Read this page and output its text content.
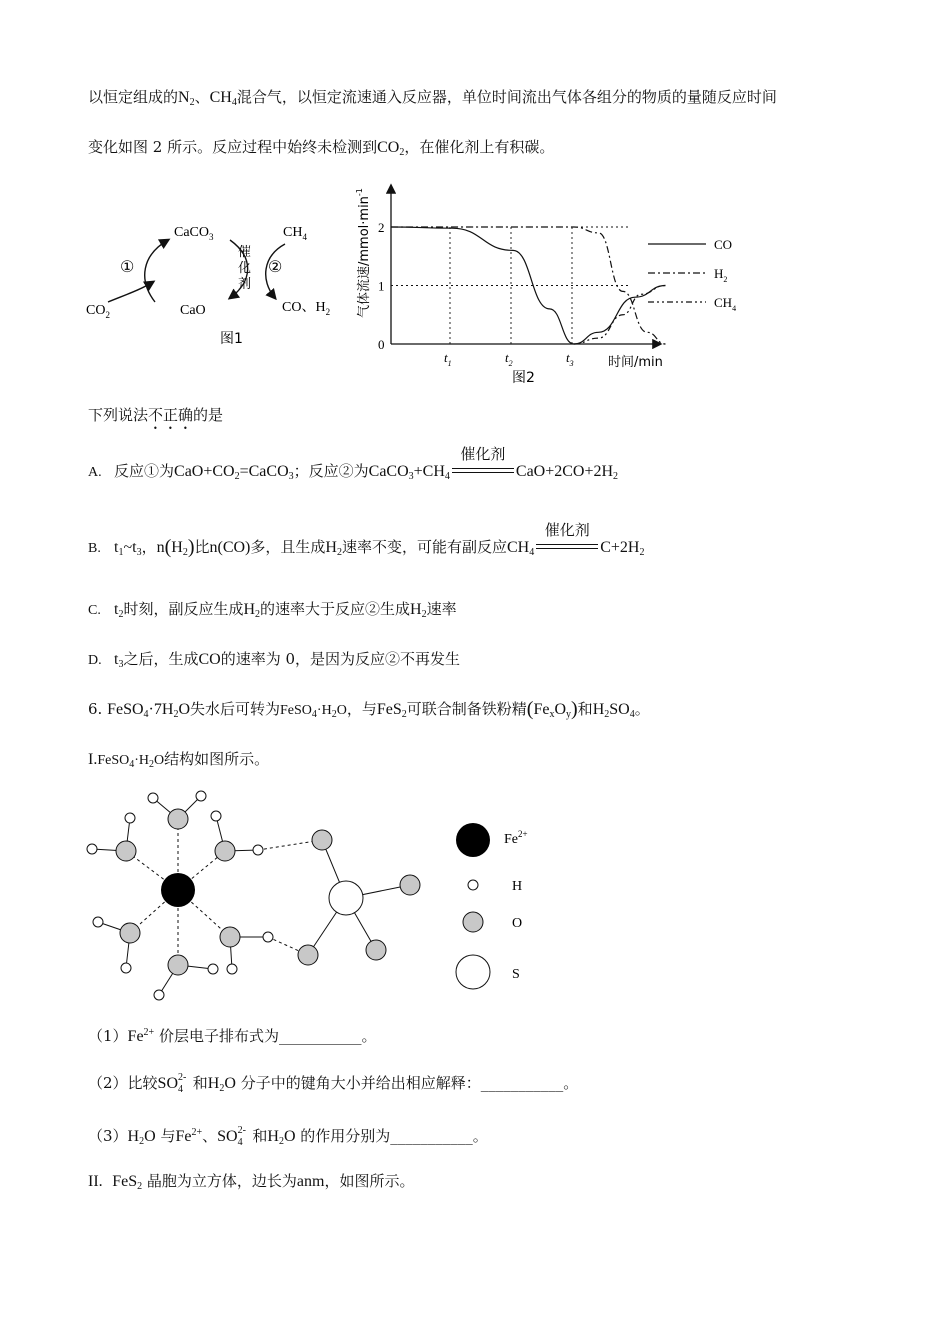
以恒定组成的$N_2$、$CH_4$混合气，以恒定流速通入反应器，单位时间流出气体各组分的物质的量随反应时间
变化如图 2 所示。反应过程中始终未检测到$CO_2$，在催化剂上有积碳。
CaCO$_3$	$CH_4$
①	②
催
化
剂
$CO_2$	CaO	CO、$H_2$
图1
气体流速$/mmol\cdot\min^{-1}$
0
1
2
$t_1$	$t_2$	$t_3$
CO
$H_2$
$CH_4$
时间/min
图2
下列说法不正确的是
A. 反应①为$CaO+CO_2=CaCO_3$；反应②为$CaCO_3+CH_4$
催化剂
$CaO+2CO+2H_2$
B. $t_1\sim t_3$，$n(H_2)$比n(CO)多，且生成$H_2$速率不变，可能有副反应$CH_4$
催化剂
$C+2H_2$
C. $t_2$时刻，副反应生成$H_2$的速率大于反应②生成$H_2$速率
D. $t_3$之后，生成CO的速率为 0，是因为反应②不再发生
6. $FeSO_4\cdot 7H_2O$失水后可转为$FeSO_4\cdot H_2O$，与FeS$_2$可联合制备铁粉精$(Fe_xO_y)$和$H_2SO_4$。
$I.FeSO_4\cdot H_2O$结构如图所示。
$Fe^{2+}$
H
O
S
$(1)Fe^{2+}$ 价层电子排布式为___________。
（2）比较SO 2-
4 和$H_2O$ 分子中的键角大小并给出相应解释：___________。
$(3)H_2O$ 与$Fe^{2+}$、SO 2-
4 和$H_2O$ 的作用分别为___________。
II. FeS$_2$ 晶胞为立方体，边长为anm，如图所示。
